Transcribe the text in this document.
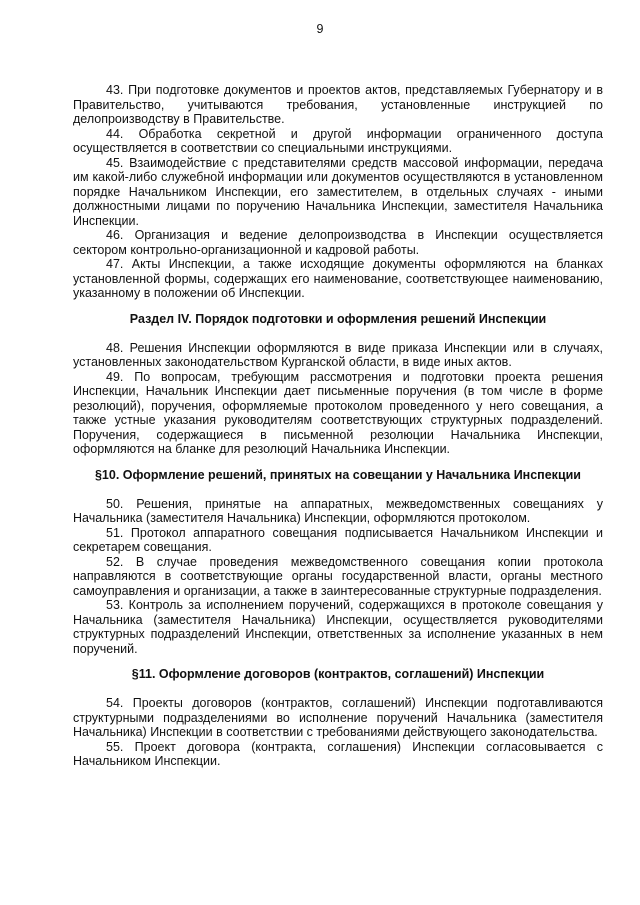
9

43. При подготовке документов и проектов актов, представляемых Губернатору и в Правительство, учитываются требования, установленные инструкцией по делопроизводству в Правительстве.

44. Обработка секретной и другой информации ограниченного доступа осуществляется в соответствии со специальными инструкциями.

45. Взаимодействие с представителями средств массовой информации, передача им какой-либо служебной информации или документов осуществляются в установленном порядке Начальником Инспекции, его заместителем, в отдельных случаях - иными должностными лицами по поручению Начальника Инспекции, заместителя Начальника Инспекции.

46. Организация и ведение делопроизводства в Инспекции осуществляется сектором контрольно-организационной и кадровой работы.

47. Акты Инспекции, а также исходящие документы оформляются на бланках установленной формы, содержащих его наименование, соответствующее наименованию, указанному в положении об Инспекции.

Раздел IV. Порядок подготовки и оформления решений Инспекции

48. Решения Инспекции оформляются в виде приказа Инспекции или в случаях, установленных законодательством Курганской области, в виде иных актов.

49. По вопросам, требующим рассмотрения и подготовки проекта решения Инспекции, Начальник Инспекции дает письменные поручения (в том числе в форме резолюций), поручения, оформляемые протоколом проведенного у него совещания, а также устные указания руководителям соответствующих структурных подразделений. Поручения, содержащиеся в письменной резолюции Начальника Инспекции, оформляются на бланке для резолюций Начальника Инспекции.

§10. Оформление решений, принятых на совещании у Начальника Инспекции

50. Решения, принятые на аппаратных, межведомственных совещаниях у Начальника (заместителя Начальника) Инспекции, оформляются протоколом.

51. Протокол аппаратного совещания подписывается Начальником Инспекции и секретарем совещания.

52. В случае проведения межведомственного совещания копии протокола направляются в соответствующие органы государственной власти, органы местного самоуправления и организации, а также в заинтересованные структурные подразделения.

53. Контроль за исполнением поручений, содержащихся в протоколе совещания у Начальника (заместителя Начальника) Инспекции, осуществляется руководителями структурных подразделений Инспекции, ответственных за исполнение указанных в нем поручений.

§11. Оформление договоров (контрактов, соглашений) Инспекции

54. Проекты договоров (контрактов, соглашений) Инспекции подготавливаются структурными подразделениями во исполнение поручений Начальника (заместителя Начальника) Инспекции в соответствии с требованиями действующего законодательства.

55. Проект договора (контракта, соглашения) Инспекции согласовывается с Начальником Инспекции.
